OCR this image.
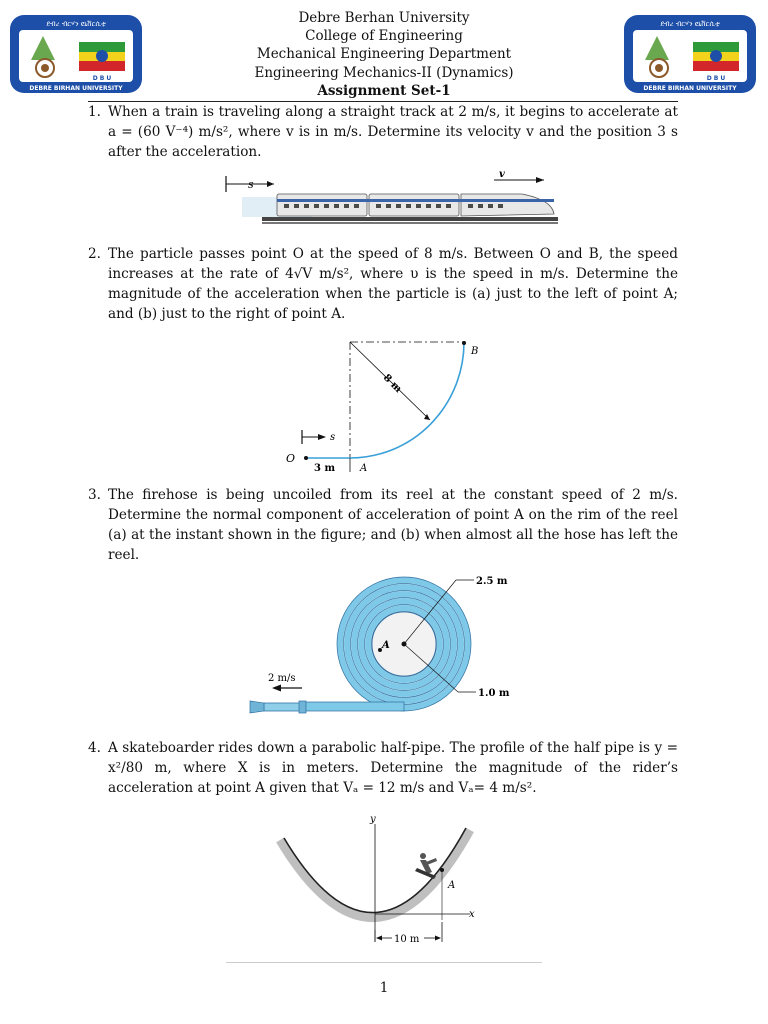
ደብረ ብርሃን ዩኒቨርሲቲ
D B U
DEBRE BIRHAN UNIVERSITY
ደብረ ብርሃን ዩኒቨርሲቲ
D B U
DEBRE BIRHAN UNIVERSITY
Debre Berhan University
College of Engineering
Mechanical Engineering Department
Engineering Mechanics-II (Dynamics)
Assignment Set-1
1. When a train is traveling along a straight track at 2 m/s, it begins to accelerate at a = (60 V⁻⁴) m/s², where v is in m/s. Determine its velocity v and the position 3 s after the acceleration.
s
v
2. The particle passes point O at the speed of 8 m/s. Between O and B, the speed increases at the rate of 4√V m/s², where υ is the speed in m/s. Determine the magnitude of the acceleration when the particle is (a) just to the left of point A; and (b) just to the right of point A.
s
O
3 m A
B
8 m
3. The firehose is being uncoiled from its reel at the constant speed of 2 m/s. Determine the normal component of acceleration of point A on the rim of the reel (a) at the instant shown in the figure; and (b) when almost all the hose has left the reel.
A
2 m/s
2.5 m
1.0 m
4. A skateboarder rides down a parabolic half-pipe. The profile of the half pipe is y = x²/80 m, where X is in meters. Determine the magnitude of the rider’s acceleration at point A given that Vₐ = 12 m/s and Vₐ= 4 m/s².
y
x
A
10 m
1
